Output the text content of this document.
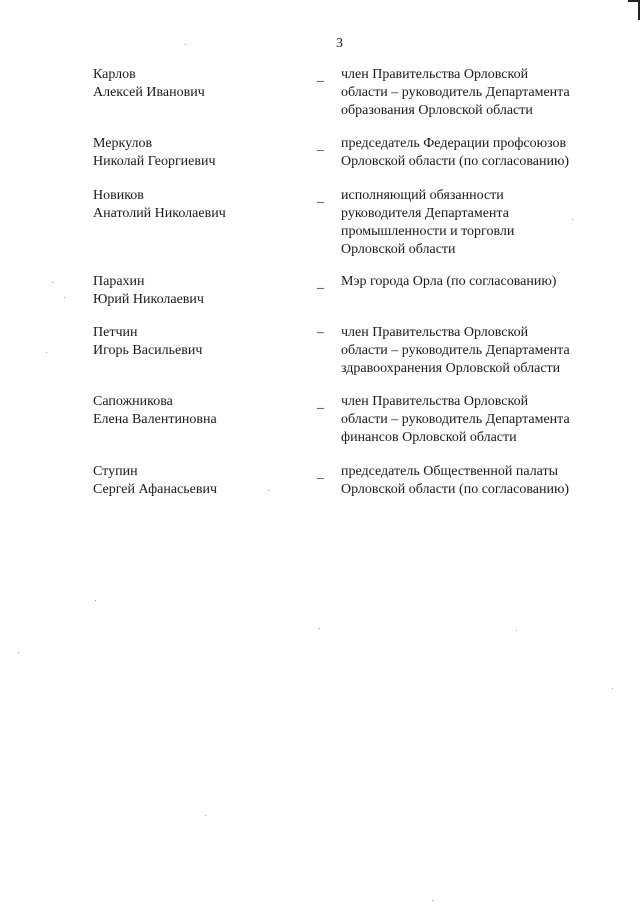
3
Карлов
Алексей Иванович
_ член Правительства Орловской
области – руководитель Департамента
образования Орловской области
Меркулов
Николай Георгиевич
_ председатель Федерации профсоюзов
Орловской области (по согласованию)
Новиков
Анатолий Николаевич
_ исполняющий обязанности
руководителя Департамента
промышленности и торговли
Орловской области
Парахин
Юрий Николаевич
_ Мэр города Орла (по согласованию)
Петчин
Игорь Васильевич
– член Правительства Орловской
области – руководитель Департамента
здравоохранения Орловской области
Сапожникова
Елена Валентиновна
_ член Правительства Орловской
области – руководитель Департамента
финансов Орловской области
Ступин
Сергей Афанасьевич
_ председатель Общественной палаты
Орловской области (по согласованию)
